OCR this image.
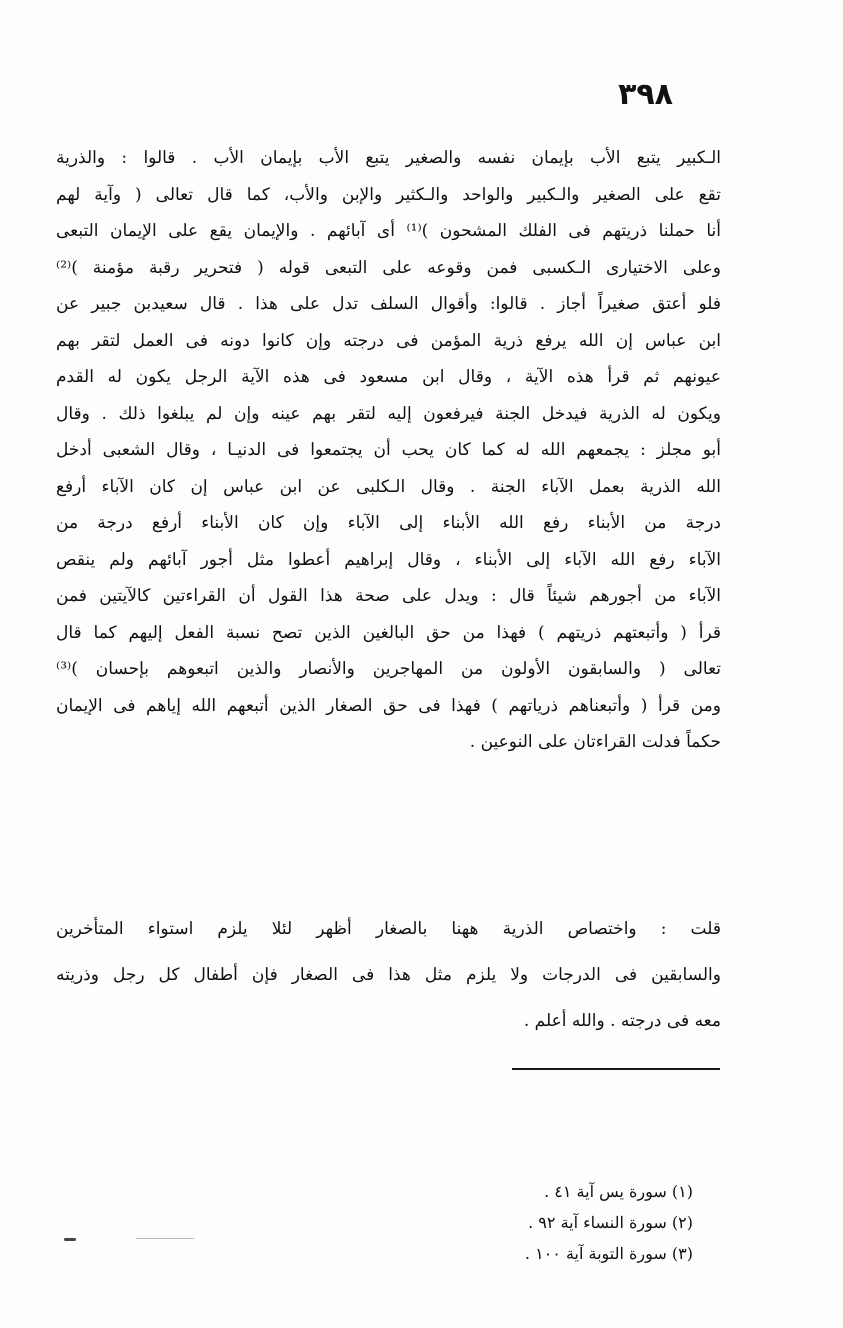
٣٩٨
الـكبير يتبع الأب بإيمان نفسه والصغير يتبع الأب بإيمان الأب . قالوا : والذرية
تقع على الصغير والـكبير والواحد والـكثير والإبن والأب، كما قال تعالى ( وآية لهم
أنا حملنا ذريتهم فى الفلك المشحون )⁽¹⁾ أى آبائهم . والإيمان يقع على الإيمان التبعى
وعلى الاختيارى الـكسبى فمن وقوعه على التبعى قوله ( فتحرير رقبة مؤمنة )⁽²⁾
فلو أعتق صغيراً أجاز . قالوا: وأقوال السلف تدل على هذا . قال سعيدبن جبير عن
ابن عباس إن الله يرفع ذرية المؤمن فى درجته وإن كانوا دونه فى العمل لتقر بهم
عيونهم ثم قرأ هذه الآية ، وقال ابن مسعود فى هذه الآية الرجل يكون له القدم
ويكون له الذرية فيدخل الجنة فيرفعون إليه لتقر بهم عينه وإن لم يبلغوا ذلك . وقال
أبو مجلز : يجمعهم الله له كما كان يحب أن يجتمعوا فى الدنيـا ، وقال الشعبى أدخل
الله الذرية بعمل الآباء الجنة . وقال الـكلبى عن ابن عباس إن كان الآباء أرفع
درجة من الأبناء رفع الله الأبناء إلى الآباء وإن كان الأبناء أرفع درجة من
الآباء رفع الله الآباء إلى الأبناء ، وقال إبراهيم أعطوا مثل أجور آبائهم ولم ينقص
الآباء من أجورهم شيئاً قال : ويدل على صحة هذا القول أن القراءتين كالآيتين فمن
قرأ ( وأتبعتهم ذريتهم ) فهذا من حق البالغين الذين تصح نسبة الفعل إليهم كما قال
تعالى ( والسابقون الأولون من المهاجرين والأنصار والذين اتبعوهم بإحسان )⁽³⁾
ومن قرأ ( وأتبعناهم ذرياتهم ) فهذا فى حق الصغار الذين أتبعهم الله إياهم فى الإيمان
حكماً فدلت القراءتان على النوعين .
قلت : واختصاص الذرية ههنا بالصغار أظهر لئلا يلزم استواء المتأخرين
والسابقين فى الدرجات ولا يلزم مثل هذا فى الصغار فإن أطفال كل رجل وذريته
معه فى درجته . والله أعلم .
(١) سورة يس آية ٤١ .
(٢) سورة النساء آية ٩٢ .
(٣) سورة التوبة آية ١٠٠ .
